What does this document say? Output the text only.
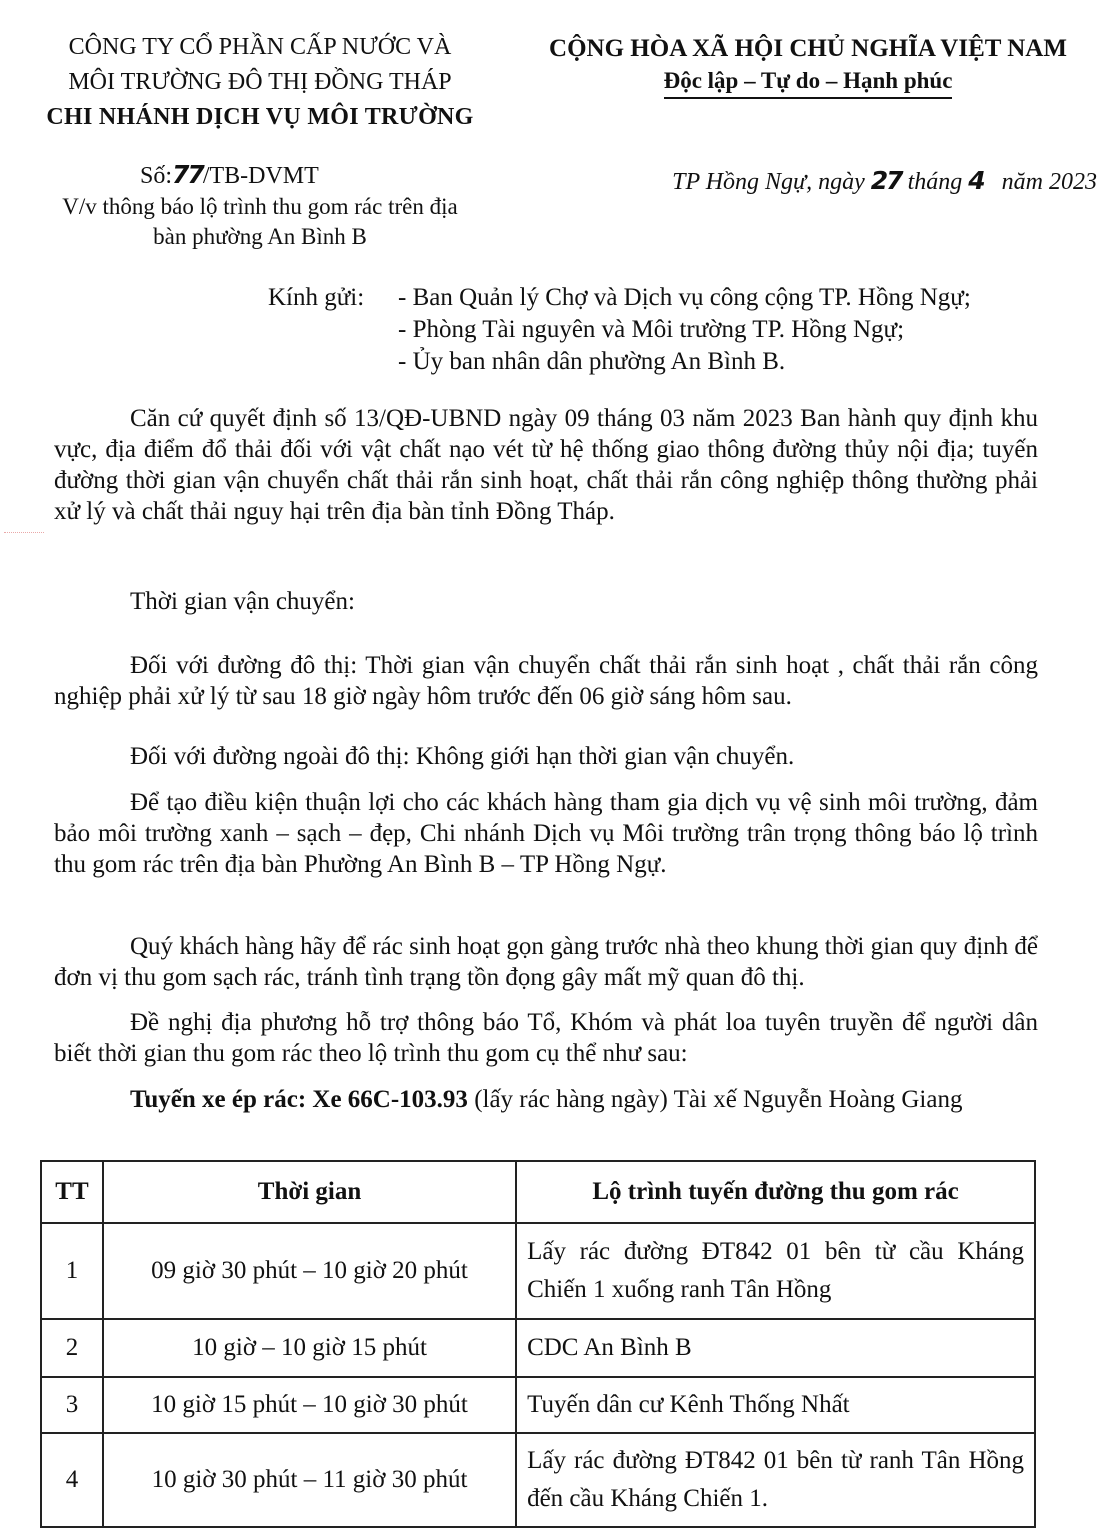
CÔNG TY CỔ PHẦN CẤP NƯỚC VÀ
MÔI TRƯỜNG ĐÔ THỊ ĐỒNG THÁP
CHI NHÁNH DỊCH VỤ MÔI TRƯỜNG
CỘNG HÒA XÃ HỘI CHỦ NGHĨA VIỆT NAM
Độc lập – Tự do – Hạnh phúc
Số:77/TB-DVMT
V/v thông báo lộ trình thu gom rác trên địa
bàn phường An Bình B
TP Hồng Ngự, ngày 27 tháng 4 năm 2023
Kính gửi: - Ban Quản lý Chợ và Dịch vụ công cộng TP. Hồng Ngự;
- Phòng Tài nguyên và Môi trường TP. Hồng Ngự;
- Ủy ban nhân dân phường An Bình B.

Căn cứ quyết định số 13/QĐ-UBND ngày 09 tháng 03 năm 2023 Ban hành quy định khu vực, địa điểm đổ thải đối với vật chất nạo vét từ hệ thống giao thông đường thủy nội địa; tuyến đường thời gian vận chuyển chất thải rắn sinh hoạt, chất thải rắn công nghiệp thông thường phải xử lý và chất thải nguy hại trên địa bàn tỉnh Đồng Tháp.

Thời gian vận chuyển:

Đối với đường đô thị: Thời gian vận chuyển chất thải rắn sinh hoạt , chất thải rắn công nghiệp phải xử lý từ sau 18 giờ ngày hôm trước đến 06 giờ sáng hôm sau.

Đối với đường ngoài đô thị: Không giới hạn thời gian vận chuyển.

Để tạo điều kiện thuận lợi cho các khách hàng tham gia dịch vụ vệ sinh môi trường, đảm bảo môi trường xanh – sạch – đẹp, Chi nhánh Dịch vụ Môi trường trân trọng thông báo lộ trình thu gom rác trên địa bàn Phường An Bình B – TP Hồng Ngự.

Quý khách hàng hãy để rác sinh hoạt gọn gàng trước nhà theo khung thời gian quy định để đơn vị thu gom sạch rác, tránh tình trạng tồn đọng gây mất mỹ quan đô thị.

Đề nghị địa phương hỗ trợ thông báo Tổ, Khóm và phát loa tuyên truyền để người dân biết thời gian thu gom rác theo lộ trình thu gom cụ thể như sau:

Tuyến xe ép rác: Xe 66C-103.93 (lấy rác hàng ngày) Tài xế Nguyễn Hoàng Giang

TT	Thời gian	Lộ trình tuyến đường thu gom rác
1	09 giờ 30 phút – 10 giờ 20 phút	Lấy rác đường ĐT842 01 bên từ cầu Kháng Chiến 1 xuống ranh Tân Hồng
2	10 giờ – 10 giờ 15 phút	CDC An Bình B
3	10 giờ 15 phút – 10 giờ 30 phút	Tuyến dân cư Kênh Thống Nhất
4	10 giờ 30 phút – 11 giờ 30 phút	Lấy rác đường ĐT842 01 bên từ ranh Tân Hồng đến cầu Kháng Chiến 1.
